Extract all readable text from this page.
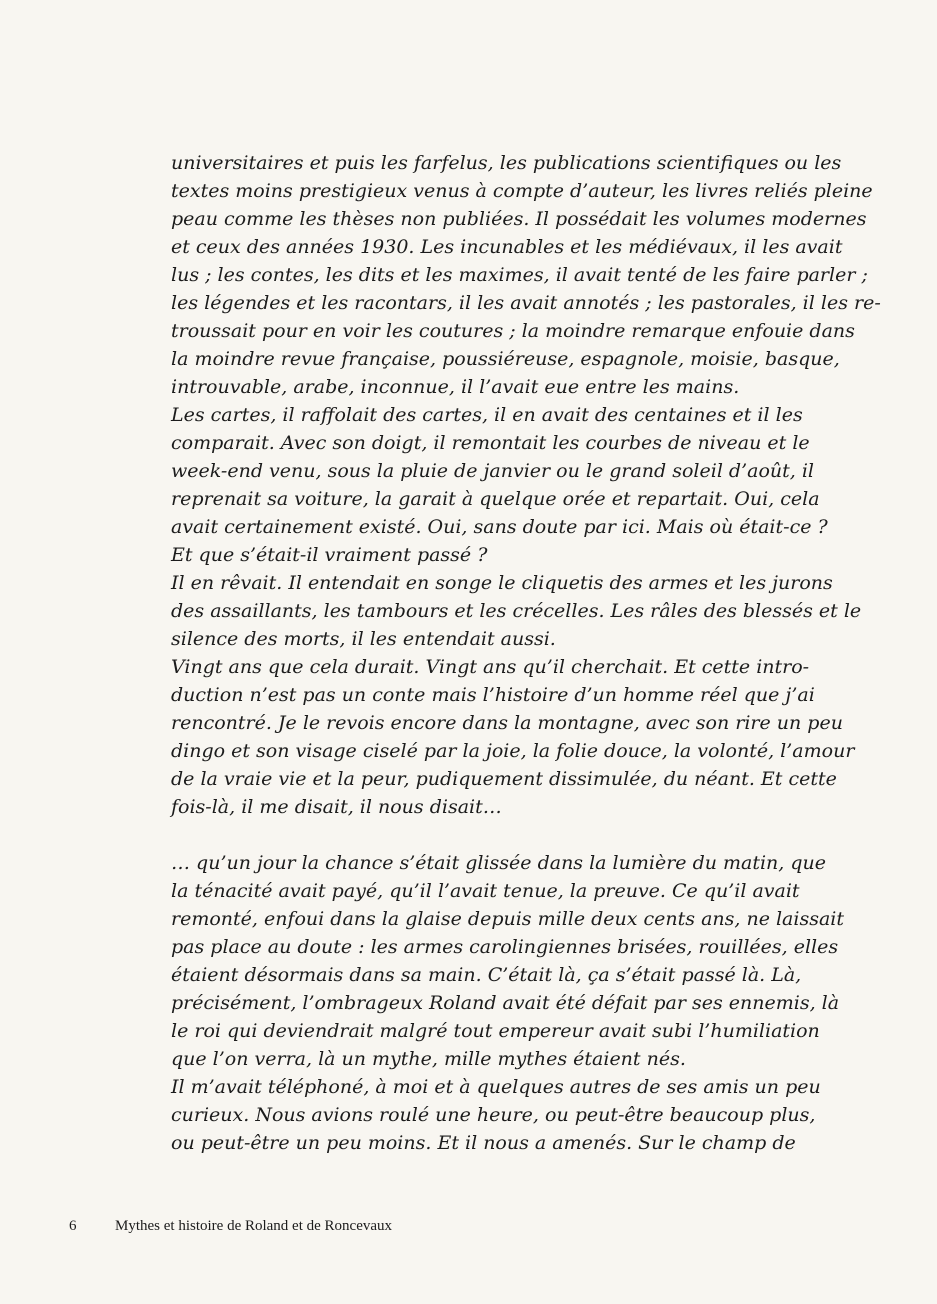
universitaires et puis les farfelus, les publications scientifiques ou les
textes moins prestigieux venus à compte d’auteur, les livres reliés pleine
peau comme les thèses non publiées. Il possédait les volumes modernes
et ceux des années 1930. Les incunables et les médiévaux, il les avait
lus ; les contes, les dits et les maximes, il avait tenté de les faire parler ;
les légendes et les racontars, il les avait annotés ; les pastorales, il les re-
troussait pour en voir les coutures ; la moindre remarque enfouie dans
la moindre revue française, poussiéreuse, espagnole, moisie, basque,
introuvable, arabe, inconnue, il l’avait eue entre les mains.
Les cartes, il raffolait des cartes, il en avait des centaines et il les
comparait. Avec son doigt, il remontait les courbes de niveau et le
week-end venu, sous la pluie de janvier ou le grand soleil d’août, il
reprenait sa voiture, la garait à quelque orée et repartait. Oui, cela
avait certainement existé. Oui, sans doute par ici. Mais où était-ce ?
Et que s’était-il vraiment passé ?
Il en rêvait. Il entendait en songe le cliquetis des armes et les jurons
des assaillants, les tambours et les crécelles. Les râles des blessés et le
silence des morts, il les entendait aussi.
Vingt ans que cela durait. Vingt ans qu’il cherchait. Et cette intro-
duction n’est pas un conte mais l’histoire d’un homme réel que j’ai
rencontré. Je le revois encore dans la montagne, avec son rire un peu
dingo et son visage ciselé par la joie, la folie douce, la volonté, l’amour
de la vraie vie et la peur, pudiquement dissimulée, du néant. Et cette
fois-là, il me disait, il nous disait…
… qu’un jour la chance s’était glissée dans la lumière du matin, que
la ténacité avait payé, qu’il l’avait tenue, la preuve. Ce qu’il avait
remonté, enfoui dans la glaise depuis mille deux cents ans, ne laissait
pas place au doute : les armes carolingiennes brisées, rouillées, elles
étaient désormais dans sa main. C’était là, ça s’était passé là. Là,
précisément, l’ombrageux Roland avait été défait par ses ennemis, là
le roi qui deviendrait malgré tout empereur avait subi l’humiliation
que l’on verra, là un mythe, mille mythes étaient nés.
Il m’avait téléphoné, à moi et à quelques autres de ses amis un peu
curieux. Nous avions roulé une heure, ou peut-être beaucoup plus,
ou peut-être un peu moins. Et il nous a amenés. Sur le champ de
6	Mythes et histoire de Roland et de Roncevaux
